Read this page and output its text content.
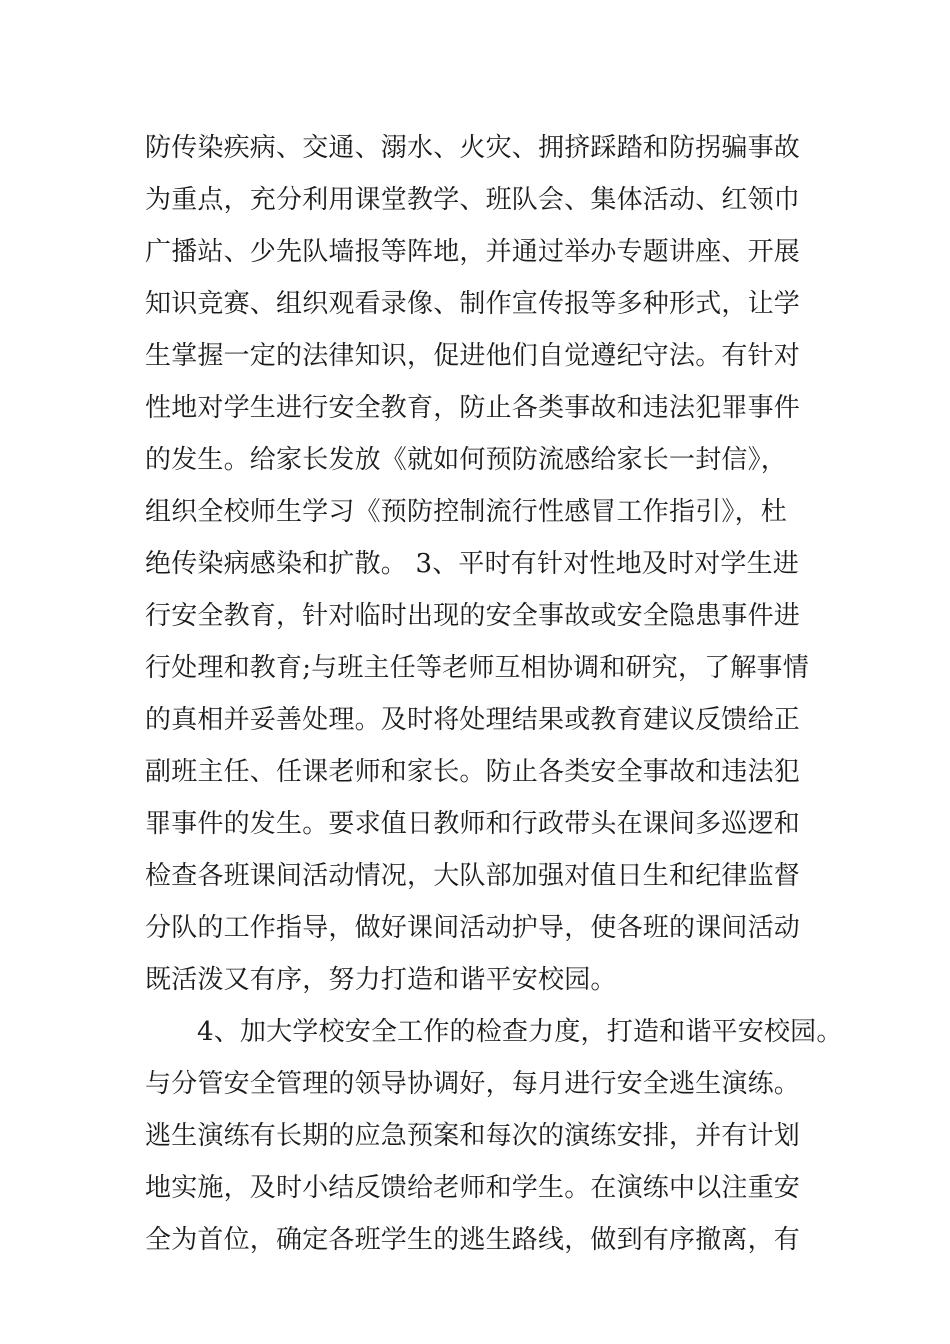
防传染疾病、交通、溺水、火灾、拥挤踩踏和防拐骗事故
为重点，充分利用课堂教学、班队会、集体活动、红领巾
广播站、少先队墙报等阵地，并通过举办专题讲座、开展
知识竞赛、组织观看录像、制作宣传报等多种形式，让学
生掌握一定的法律知识，促进他们自觉遵纪守法。有针对
性地对学生进行安全教育，防止各类事故和违法犯罪事件
的发生。给家长发放《就如何预防流感给家长一封信》，
组织全校师生学习《预防控制流行性感冒工作指引》，杜
绝传染病感染和扩散。 3、平时有针对性地及时对学生进
行安全教育，针对临时出现的安全事故或安全隐患事件进
行处理和教育;与班主任等老师互相协调和研究，了解事情
的真相并妥善处理。及时将处理结果或教育建议反馈给正
副班主任、任课老师和家长。防止各类安全事故和违法犯
罪事件的发生。要求值日教师和行政带头在课间多巡逻和
检查各班课间活动情况，大队部加强对值日生和纪律监督
分队的工作指导，做好课间活动护导，使各班的课间活动
既活泼又有序，努力打造和谐平安校园。
4、加大学校安全工作的检查力度，打造和谐平安校园。
与分管安全管理的领导协调好，每月进行安全逃生演练。
逃生演练有长期的应急预案和每次的演练安排，并有计划
地实施，及时小结反馈给老师和学生。在演练中以注重安
全为首位，确定各班学生的逃生路线，做到有序撤离，有
